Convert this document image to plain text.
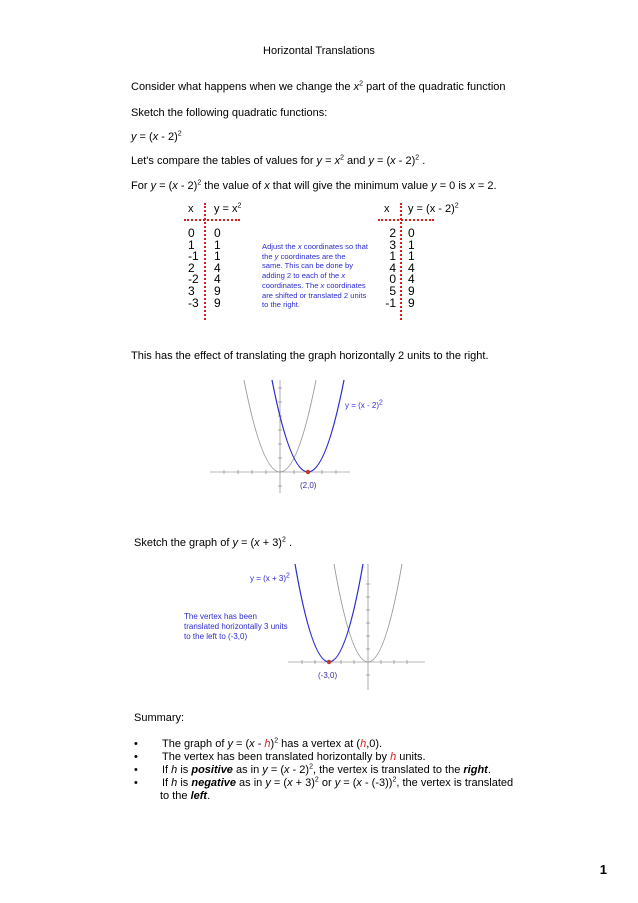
Horizontal Translations
Consider what happens when we change the $x^2$ part of the quadratic function
Sketch the following quadratic functions:
y = (x - 2)$^2$
Let's compare the tables of values for $y = x^2$ and y = (x - 2)$^2$ .
For y = (x - 2)$^2$ the value of x that will give the minimum value y = 0 is x = 2.
x $y = x^2$
0
1
-1
2
-2
3
-3
0
1
1
4
4
9
9
Adjust the x coordinates so that the y coordinates are the same. This can be done by adding 2 to each of the x coordinates. The x coordinates are shifted or translated 2 units to the right.
x y = (x - 2)$^2$
2
3
1
4
0
5
-1
0
1
1
4
4
9
9
This has the effect of translating the graph horizontally 2 units to the right.
y = (x - 2)$^2$
(2,0)
Sketch the graph of $y = (x + 3)^2$ .
$y = (x + 3)^2$
The vertex has been translated horizontally 3 units to the left to (-3,0)
(-3,0)
Summary:
• The graph of y = (x - h)$^2$ has a vertex at (h,0).
• The vertex has been translated horizontally by h units.
• If h is positive as in y = (x - 2)$^2$, the vertex is translated to the right.
• If h is negative as in $y = (x + 3)^2$ or y = (x - (-3))$^2$, the vertex is translated
to the left.
1
